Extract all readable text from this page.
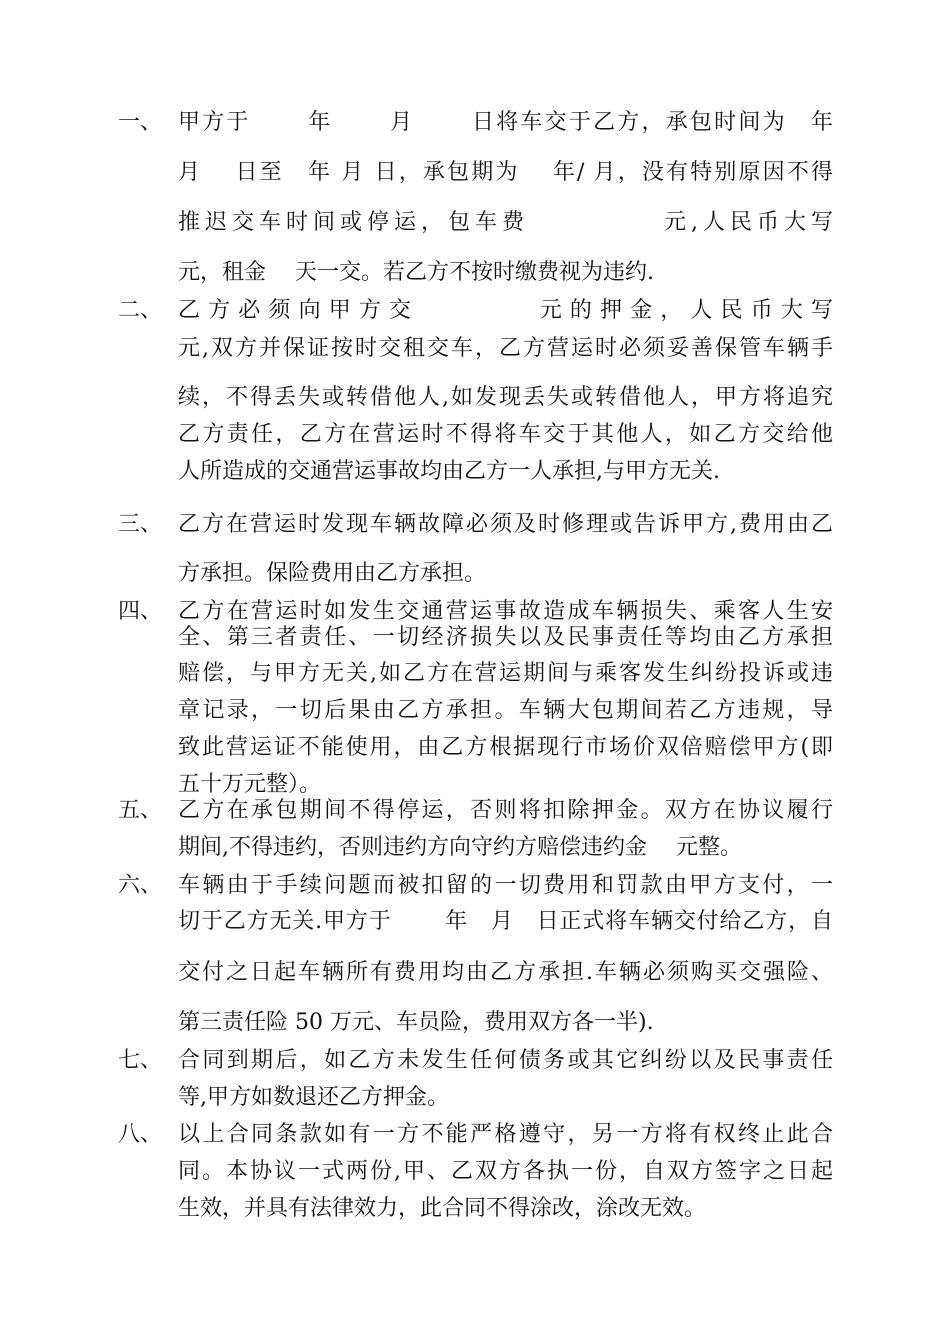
一、 甲方于　　 年　　 月　　 日将车交于乙方，承包时间为　年
月　 日至　年 月 日，承包期为　 年/ 月，没有特别原因不得
推迟交车时间或停运，包车费　　　　　元,人民币大写
元，租金　 天一交。若乙方不按时缴费视为违约.
二、 乙方必须向甲方交　　　　元的押金，人民币大写
元,双方并保证按时交租交车，乙方营运时必须妥善保管车辆手
续，不得丢失或转借他人,如发现丢失或转借他人，甲方将追究
乙方责任，乙方在营运时不得将车交于其他人，如乙方交给他
人所造成的交通营运事故均由乙方一人承担,与甲方无关.
三、 乙方在营运时发现车辆故障必须及时修理或告诉甲方,费用由乙
方承担。保险费用由乙方承担。
四、 乙方在营运时如发生交通营运事故造成车辆损失、乘客人生安
全、第三者责任、一切经济损失以及民事责任等均由乙方承担
赔偿，与甲方无关,如乙方在营运期间与乘客发生纠纷投诉或违
章记录，一切后果由乙方承担。车辆大包期间若乙方违规，导
致此营运证不能使用，由乙方根据现行市场价双倍赔偿甲方(即
五十万元整）。
五、 乙方在承包期间不得停运，否则将扣除押金。双方在协议履行
期间,不得违约，否则违约方向守约方赔偿违约金　 元整。
六、 车辆由于手续问题而被扣留的一切费用和罚款由甲方支付，一
切于乙方无关.甲方于　　 年　月　日正式将车辆交付给乙方，自
交付之日起车辆所有费用均由乙方承担.车辆必须购买交强险、
第三责任险 50 万元、车员险，费用双方各一半).
七、 合同到期后，如乙方未发生任何债务或其它纠纷以及民事责任
等,甲方如数退还乙方押金。
八、 以上合同条款如有一方不能严格遵守，另一方将有权终止此合
同。本协议一式两份,甲、乙双方各执一份，自双方签字之日起
生效，并具有法律效力，此合同不得涂改，涂改无效。
